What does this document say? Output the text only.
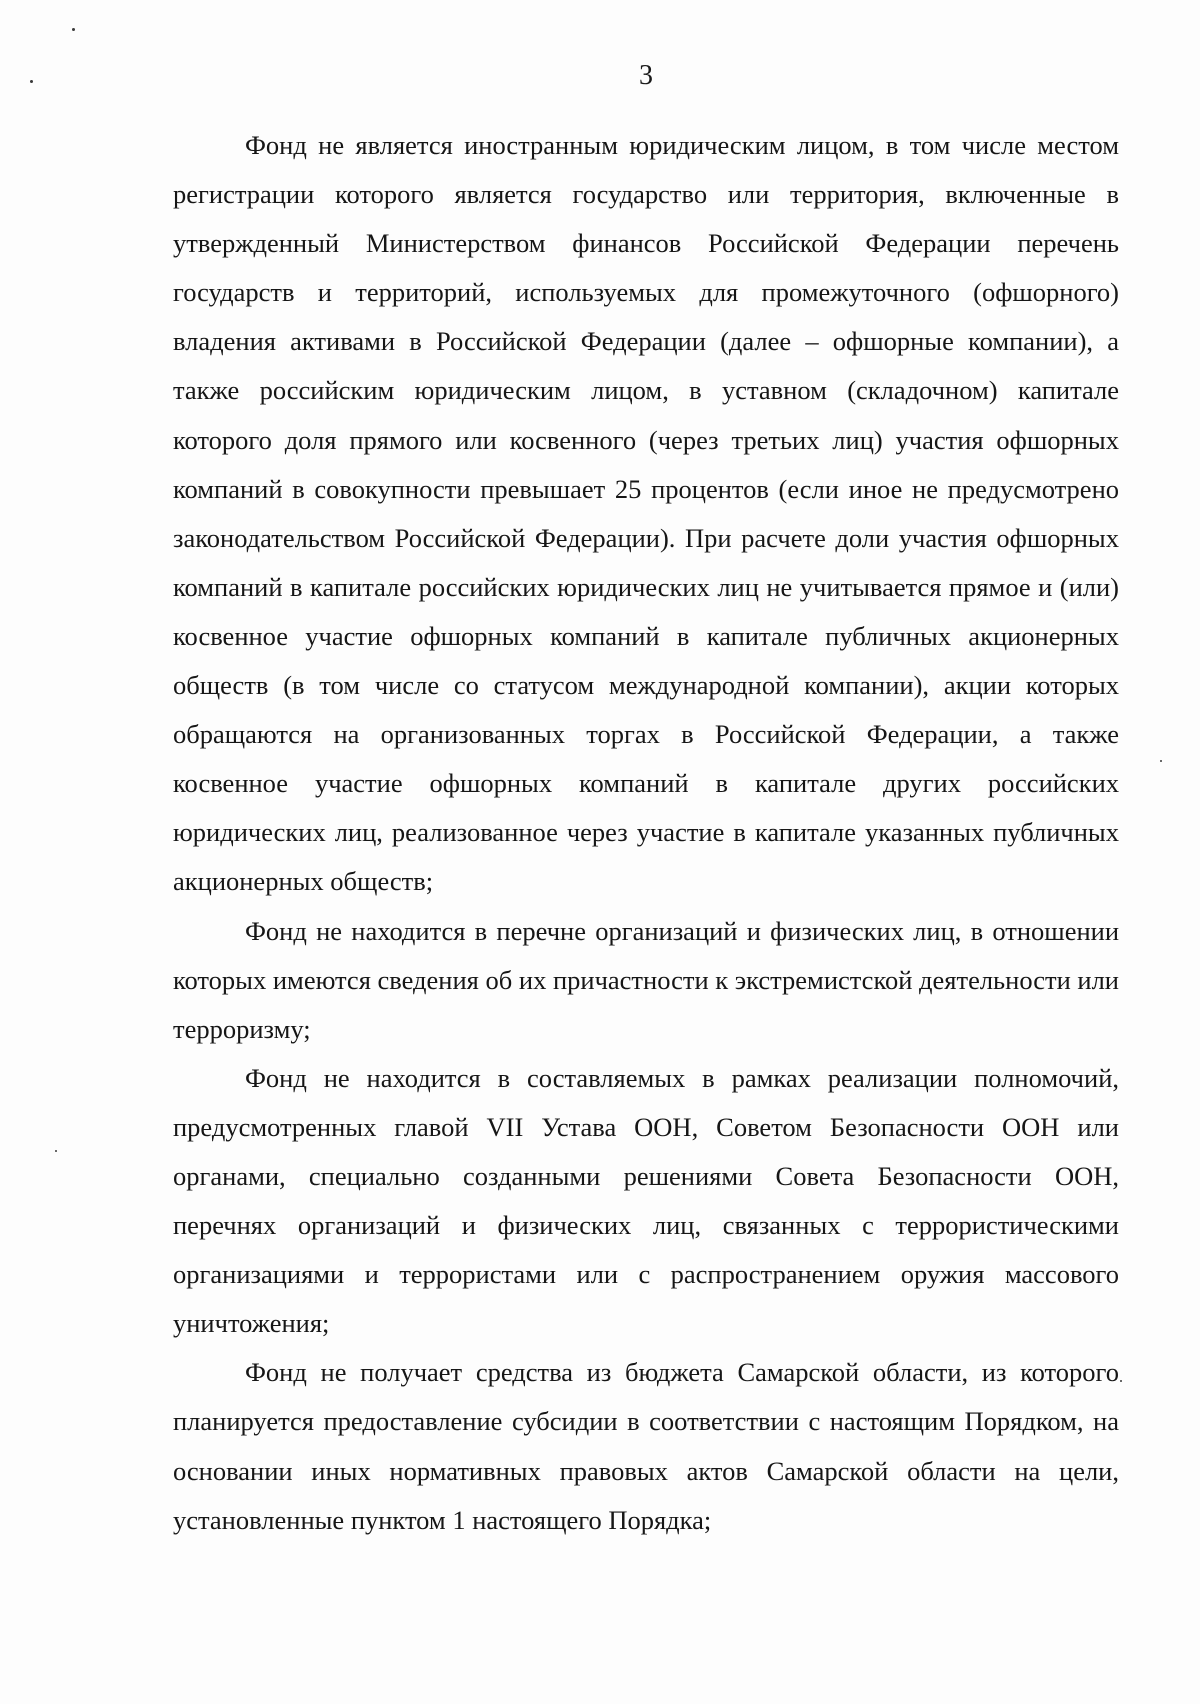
3

Фонд не является иностранным юридическим лицом, в том числе местом регистрации которого является государство или территория, включенные в утвержденный Министерством финансов Российской Федерации перечень государств и территорий, используемых для промежуточного (офшорного) владения активами в Российской Федерации (далее – офшорные компании), а также российским юридическим лицом, в уставном (складочном) капитале которого доля прямого или косвенного (через третьих лиц) участия офшорных компаний в совокупности превышает 25 процентов (если иное не предусмотрено законодательством Российской Федерации). При расчете доли участия офшорных компаний в капитале российских юридических лиц не учитывается прямое и (или) косвенное участие офшорных компаний в капитале публичных акционерных обществ (в том числе со статусом международной компании), акции которых обращаются на организованных торгах в Российской Федерации, а также косвенное участие офшорных компаний в капитале других российских юридических лиц, реализованное через участие в капитале указанных публичных акционерных обществ;

Фонд не находится в перечне организаций и физических лиц, в отношении которых имеются сведения об их причастности к экстремистской деятельности или терроризму;

Фонд не находится в составляемых в рамках реализации полномочий, предусмотренных главой VII Устава ООН, Советом Безопасности ООН или органами, специально созданными решениями Совета Безопасности ООН, перечнях организаций и физических лиц, связанных с террористическими организациями и террористами или с распространением оружия массового уничтожения;

Фонд не получает средства из бюджета Самарской области, из которого планируется предоставление субсидии в соответствии с настоящим Порядком, на основании иных нормативных правовых актов Самарской области на цели, установленные пунктом 1 настоящего Порядка;
